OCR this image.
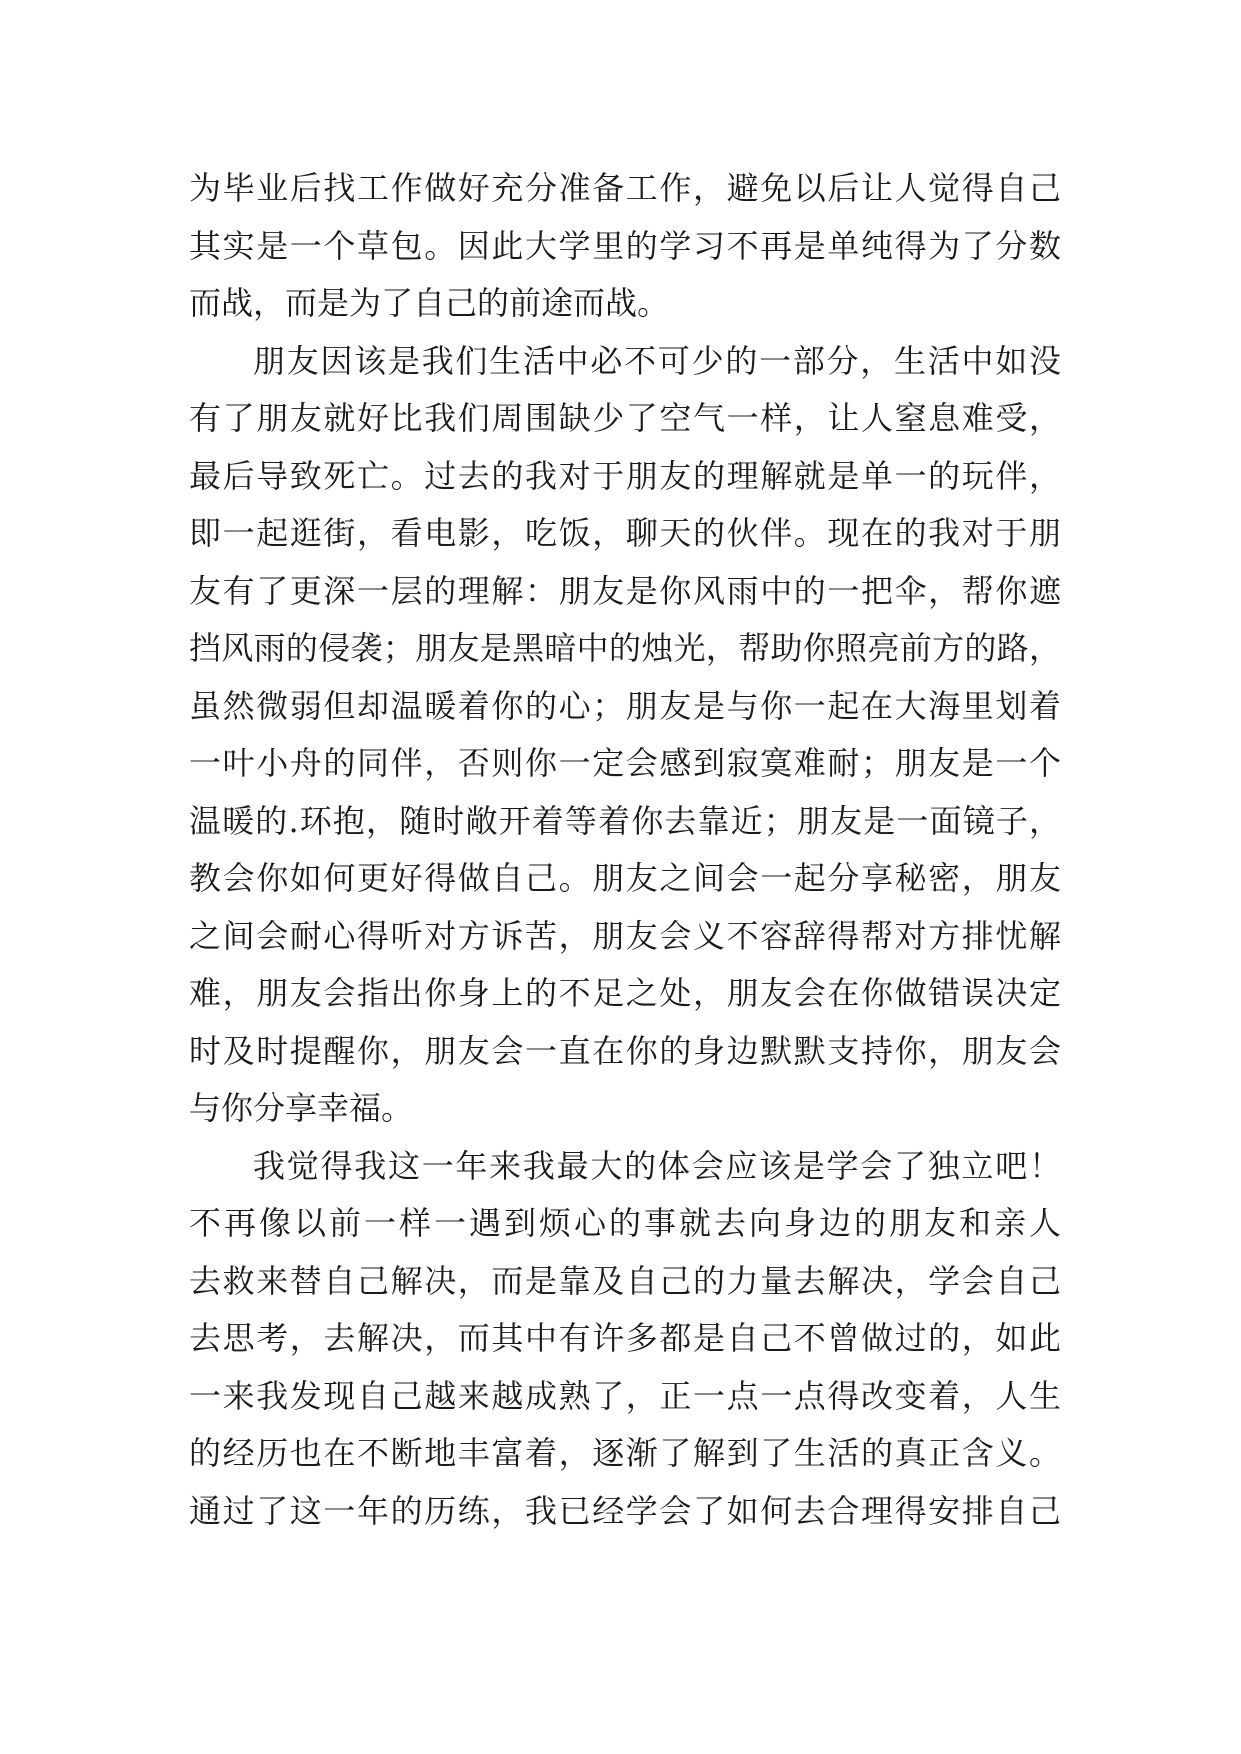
为毕业后找工作做好充分准备工作，避免以后让人觉得自己
其实是一个草包。因此大学里的学习不再是单纯得为了分数
而战，而是为了自己的前途而战。
朋友因该是我们生活中必不可少的一部分，生活中如没
有了朋友就好比我们周围缺少了空气一样，让人窒息难受，
最后导致死亡。过去的我对于朋友的理解就是单一的玩伴，
即一起逛街，看电影，吃饭，聊天的伙伴。现在的我对于朋
友有了更深一层的理解：朋友是你风雨中的一把伞，帮你遮
挡风雨的侵袭；朋友是黑暗中的烛光，帮助你照亮前方的路，
虽然微弱但却温暖着你的心；朋友是与你一起在大海里划着
一叶小舟的同伴，否则你一定会感到寂寞难耐；朋友是一个
温暖的.环抱，随时敞开着等着你去靠近；朋友是一面镜子，
教会你如何更好得做自己。朋友之间会一起分享秘密，朋友
之间会耐心得听对方诉苦，朋友会义不容辞得帮对方排忧解
难，朋友会指出你身上的不足之处，朋友会在你做错误决定
时及时提醒你，朋友会一直在你的身边默默支持你，朋友会
与你分享幸福。
我觉得我这一年来我最大的体会应该是学会了独立吧！
不再像以前一样一遇到烦心的事就去向身边的朋友和亲人
去救来替自己解决，而是靠及自己的力量去解决，学会自己
去思考，去解决，而其中有许多都是自己不曾做过的，如此
一来我发现自己越来越成熟了，正一点一点得改变着，人生
的经历也在不断地丰富着，逐渐了解到了生活的真正含义。
通过了这一年的历练，我已经学会了如何去合理得安排自己
